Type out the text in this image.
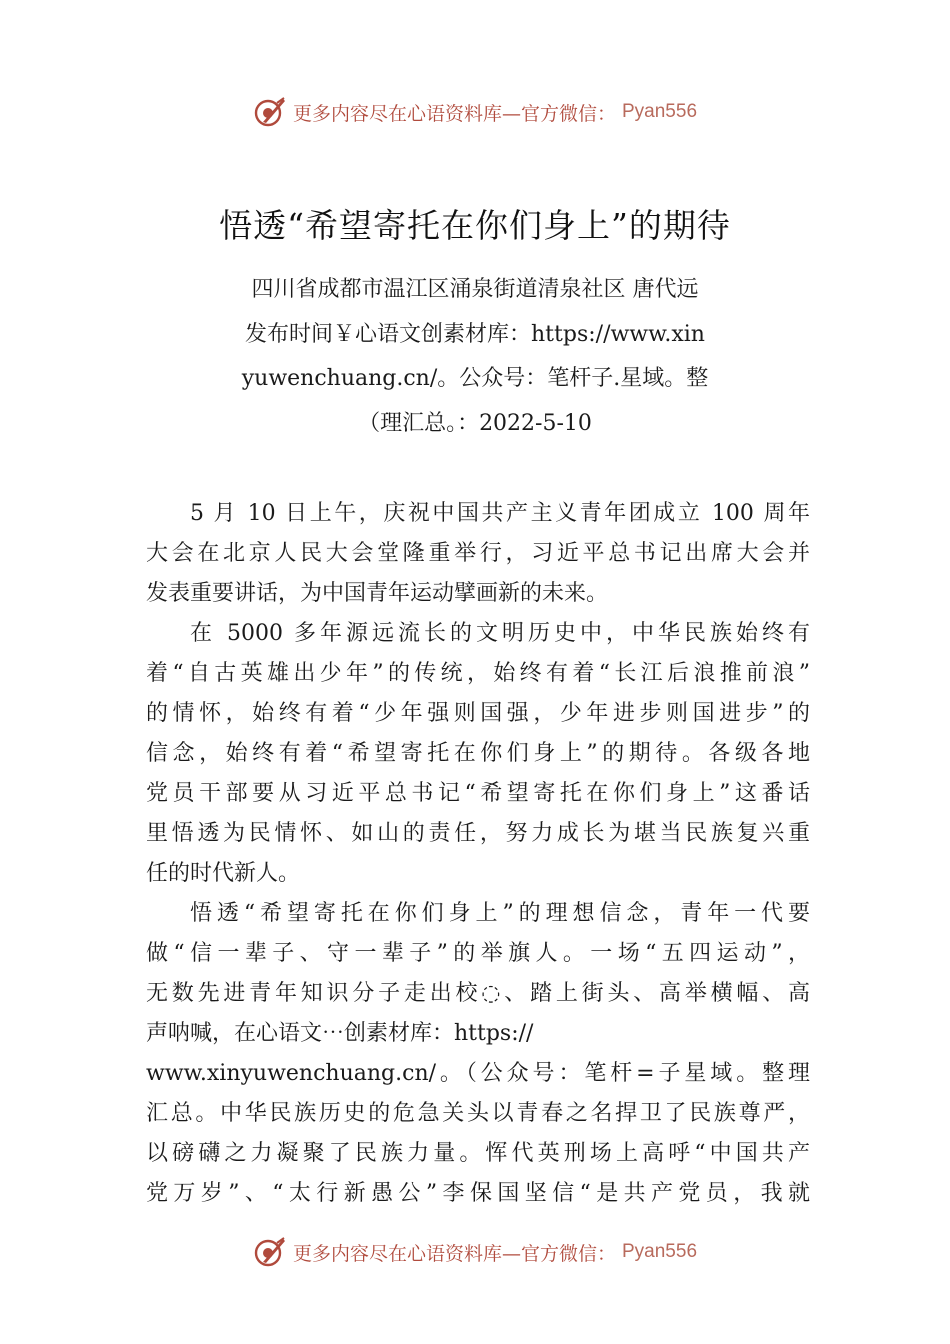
更多内容尽在心语资料库—官方微信： Pyan556
悟透“希望寄托在你们身上”的期待
四川省成都市温江区涌泉街道清泉社区 唐代远
发布时间￥心语文创素材库：https://www.xin
yuwenchuang.cn/。公众号：笔杆子.星域。整
（理汇总。：2022-5-10
5 月 10 日上午，庆祝中国共产主义青年团成立 100 周年
大会在北京人民大会堂隆重举行，习近平总书记出席大会并
发表重要讲话，为中国青年运动擘画新的未来。
在 5000 多年源远流长的文明历史中，中华民族始终有
着“自古英雄出少年”的传统，始终有着“长江后浪推前浪”
的情怀，始终有着“少年强则国强，少年进步则国进步”的
信念，始终有着“希望寄托在你们身上”的期待。各级各地
党员干部要从习近平总书记“希望寄托在你们身上”这番话
里悟透为民情怀、如山的责任，努力成长为堪当民族复兴重
任的时代新人。
悟透“希望寄托在你们身上”的理想信念，青年一代要
做“信一辈子、守一辈子”的举旗人。一场“五四运动”，
无数先进青年知识分子走出校◌、踏上街头、高举横幅、高
声呐喊，在心语文⋯创素材库：https://
www.xinyuwenchuang.cn/。（公众号：笔杆=子星域。整理
汇总。中华民族历史的危急关头以青春之名捍卫了民族尊严，
以磅礴之力凝聚了民族力量。恽代英刑场上高呼“中国共产
党万岁”、“太行新愚公”李保国坚信“是共产党员，我就
更多内容尽在心语资料库—官方微信： Pyan556
